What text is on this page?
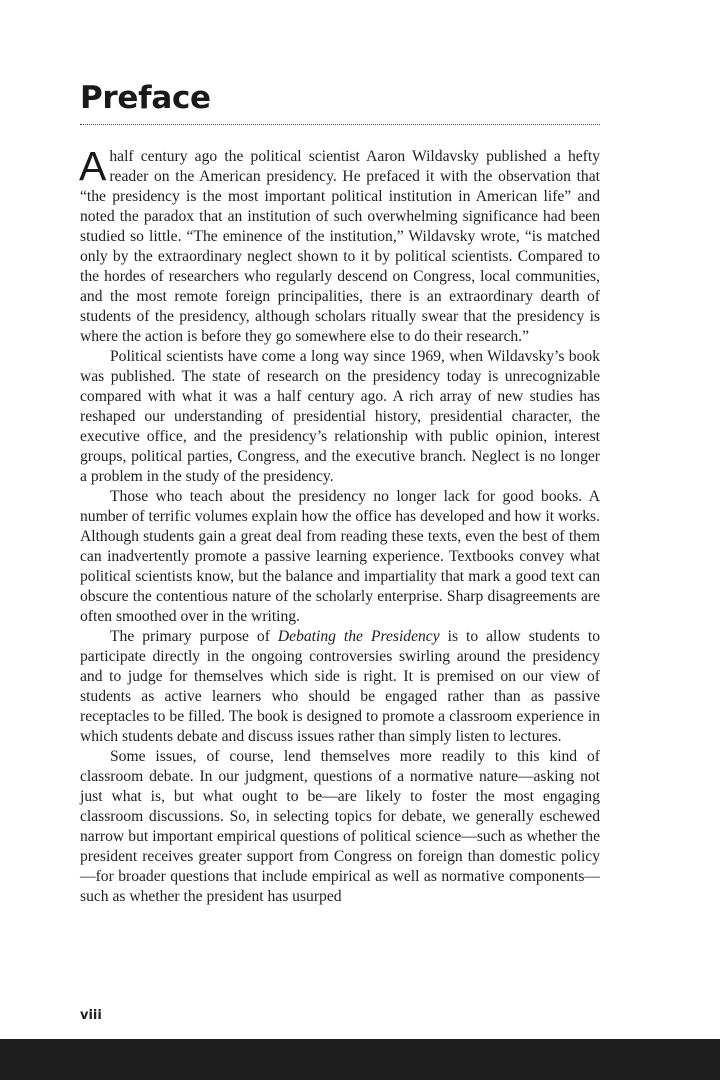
Preface

A half century ago the political scientist Aaron Wildavsky published a hefty reader on the American presidency. He prefaced it with the observation that “the presidency is the most important political institution in American life” and noted the paradox that an institution of such overwhelming significance had been studied so little. “The eminence of the institution,” Wildavsky wrote, “is matched only by the extraordinary neglect shown to it by political scientists. Compared to the hordes of researchers who regularly descend on Congress, local communities, and the most remote foreign principalities, there is an extraordinary dearth of students of the presidency, although scholars ritually swear that the presidency is where the action is before they go somewhere else to do their research.”

Political scientists have come a long way since 1969, when Wildavsky’s book was published. The state of research on the presidency today is unrecognizable compared with what it was a half century ago. A rich array of new studies has reshaped our understanding of presidential history, presidential character, the executive office, and the presidency’s relationship with public opinion, interest groups, political parties, Congress, and the executive branch. Neglect is no longer a problem in the study of the presidency.

Those who teach about the presidency no longer lack for good books. A number of terrific volumes explain how the office has developed and how it works. Although students gain a great deal from reading these texts, even the best of them can inadvertently promote a passive learning experience. Textbooks convey what political scientists know, but the balance and impartiality that mark a good text can obscure the contentious nature of the scholarly enterprise. Sharp disagreements are often smoothed over in the writing.

The primary purpose of Debating the Presidency is to allow students to participate directly in the ongoing controversies swirling around the presidency and to judge for themselves which side is right. It is premised on our view of students as active learners who should be engaged rather than as passive receptacles to be filled. The book is designed to promote a classroom experience in which students debate and discuss issues rather than simply listen to lectures.

Some issues, of course, lend themselves more readily to this kind of classroom debate. In our judgment, questions of a normative nature—asking not just what is, but what ought to be—are likely to foster the most engaging classroom discussions. So, in selecting topics for debate, we generally eschewed narrow but important empirical questions of political science—such as whether the president receives greater support from Congress on foreign than domestic policy—for broader questions that include empirical as well as normative components—such as whether the president has usurped

viii
